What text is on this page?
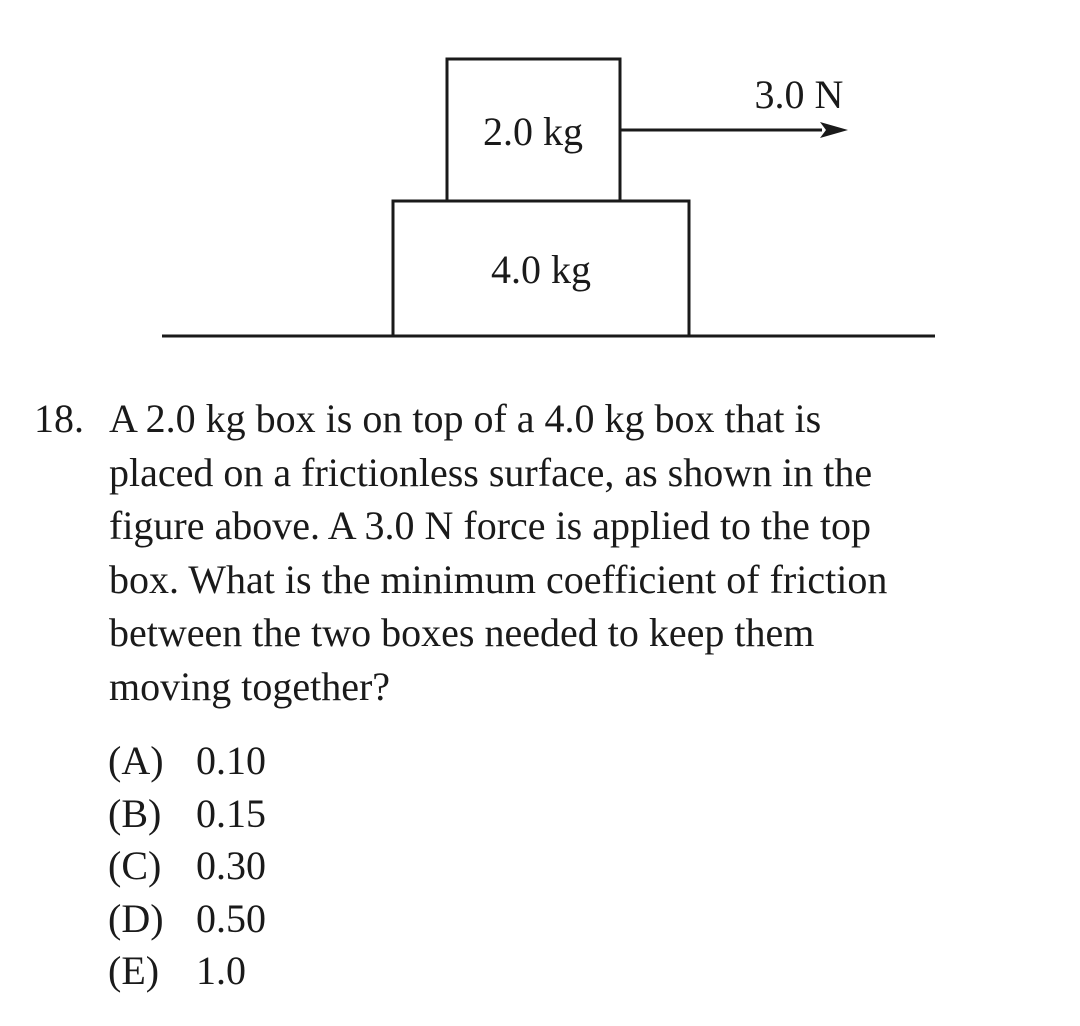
2.0 kg
4.0 kg
3.0 N
18. A 2.0 kg box is on top of a 4.0 kg box that is
placed on a frictionless surface, as shown in the
figure above. A 3.0 N force is applied to the top
box. What is the minimum coefficient of friction
between the two boxes needed to keep them
moving together?
(A) 0.10
(B) 0.15
(C) 0.30
(D) 0.50
(E) 1.0
